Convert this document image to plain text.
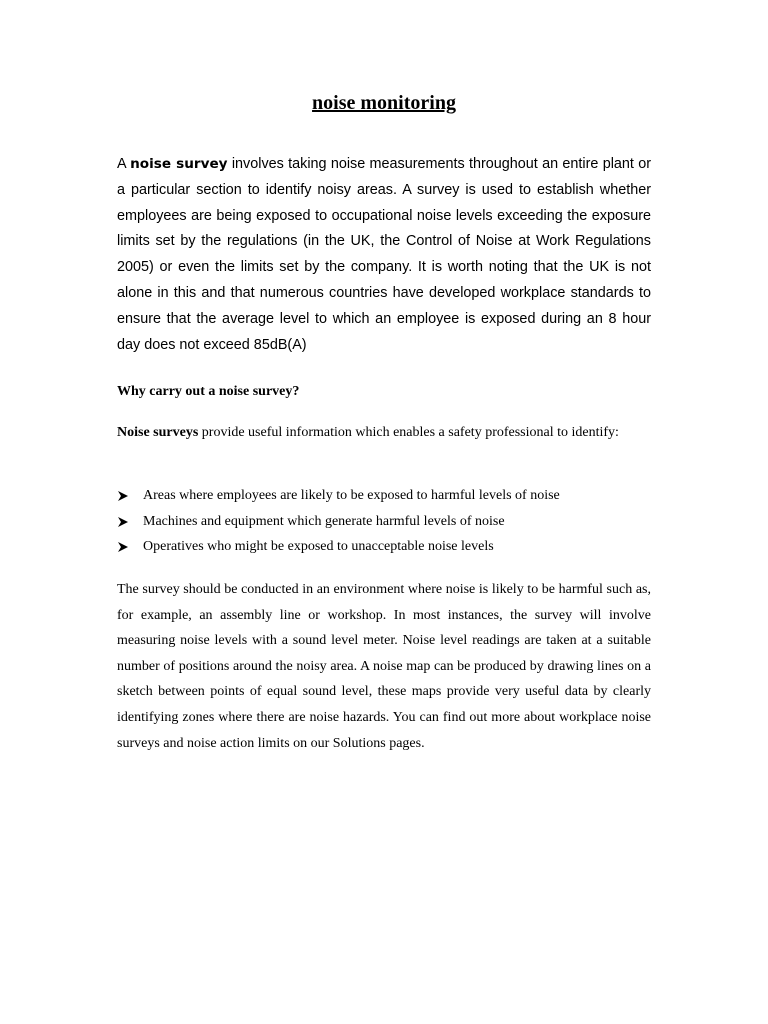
noise monitoring

A noise survey involves taking noise measurements throughout an entire plant or a particular section to identify noisy areas. A survey is used to establish whether employees are being exposed to occupational noise levels exceeding the exposure limits set by the regulations (in the UK, the Control of Noise at Work Regulations 2005) or even the limits set by the company. It is worth noting that the UK is not alone in this and that numerous countries have developed workplace standards to ensure that the average level to which an employee is exposed during an 8 hour day does not exceed 85dB(A)

Why carry out a noise survey?

Noise surveys provide useful information which enables a safety professional to identify:

Areas where employees are likely to be exposed to harmful levels of noise
Machines and equipment which generate harmful levels of noise
Operatives who might be exposed to unacceptable noise levels

The survey should be conducted in an environment where noise is likely to be harmful such as, for example, an assembly line or workshop. In most instances, the survey will involve measuring noise levels with a sound level meter. Noise level readings are taken at a suitable number of positions around the noisy area. A noise map can be produced by drawing lines on a sketch between points of equal sound level, these maps provide very useful data by clearly identifying zones where there are noise hazards. You can find out more about workplace noise surveys and noise action limits on our Solutions pages.
